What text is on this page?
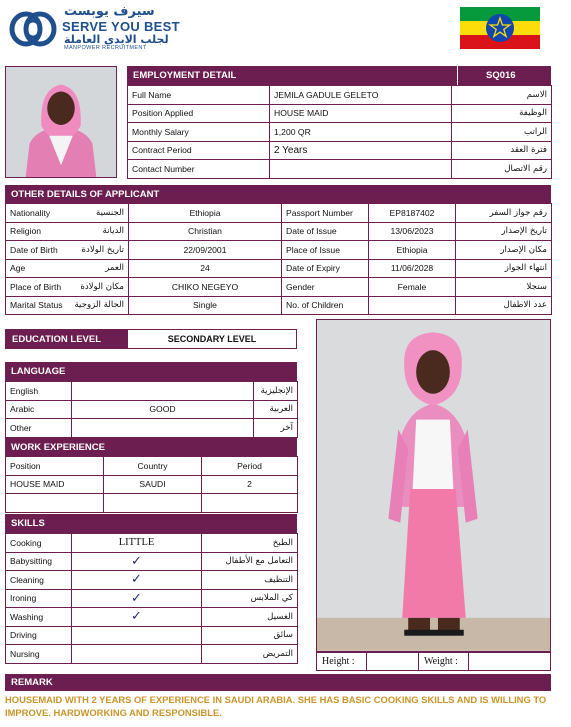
سيرف يوبست
SERVE YOU BEST
لجلب الايدي العاملة
MANPOWER RECRUITMENT
EMPLOYMENT DETAIL	SQ016
Full Name	JEMILA GADULE GELETO	الاسم
Position Applied	HOUSE MAID	الوظيفة
Monthly Salary	1,200 QR	الراتب
Contract Period	2 Years	فترة العقد
Contact Number		رقم الاتصال
OTHER DETAILS OF APPLICANT
Nationality	الجنسية	Ethiopia	Passport Number	EP8187402	رقم جواز السفر
Religion	الديانة	Christian	Date of Issue	13/06/2023	تاريخ الإصدار
Date of Birth	تاريخ الولادة	22/09/2001	Place of Issue	Ethiopia	مكان الإصدار
Age	العمر	24	Date of Expiry	11/06/2028	انتهاء الجواز
Place of Birth	مكان الولادة	CHIKO NEGEYO	Gender	Female	سنجلا
Marital Status	الحالة الزوجية	Single	No. of Children		عدد الاطفال
EDUCATION LEVEL	SECONDARY LEVEL
LANGUAGE
English		الإنجليزية
Arabic	GOOD	العربية
Other		آخر
WORK EXPERIENCE
Position	Country	Period
HOUSE MAID	SAUDI	2

SKILLS
Cooking	LITTLE	الطبخ
Babysitting	✓	التعامل مع الأطفال
Cleaning	✓	التنظيف
Ironing	✓	كي الملابس
Washing	✓	الغسيل
Driving		سائق
Nursing		التمريض
Height :	Weight :
REMARK
HOUSEMAID WITH 2 YEARS OF EXPERIENCE IN SAUDI ARABIA. SHE HAS BASIC COOKING SKILLS AND IS WILLING TO IMPROVE. HARDWORKING AND RESPONSIBLE.
